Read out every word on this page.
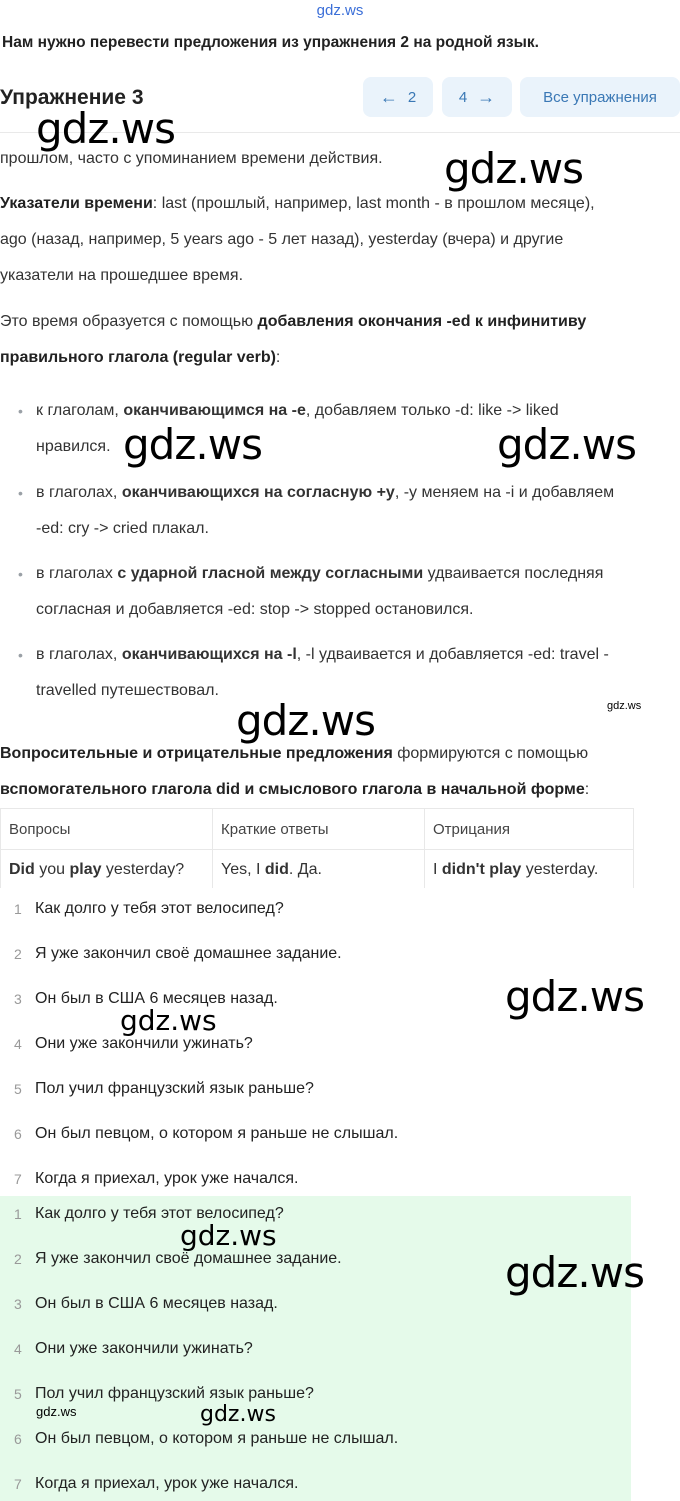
gdz.ws
Нам нужно перевести предложения из упражнения 2 на родной язык.
Упражнение 3	← 2	4 →	Все упражнения
прошлом, часто с упоминанием времени действия.
Указатели времени: last (прошлый, например, last month - в прошлом месяце),
ago (назад, например, 5 years ago - 5 лет назад), yesterday (вчера) и другие
указатели на прошедшее время.
Это время образуется с помощью добавления окончания -ed к инфинитиву
правильного глагола (regular verb):
• к глаголам, оканчивающимся на -е, добавляем только -d: like -> liked
нравился.
• в глаголах, оканчивающихся на согласную +у, -у меняем на -i и добавляем
-ed: cry -> cried плакал.
• в глаголах с ударной гласной между согласными удваивается последняя
согласная и добавляется -ed: stop -> stopped остановился.
• в глаголах, оканчивающихся на -l, -l удваивается и добавляется -ed: travel -
travelled путешествовал.
Вопросительные и отрицательные предложения формируются с помощью
вспомогательного глагола did и смыслового глагола в начальной форме:
Вопросы	Краткие ответы	Отрицания
Did you play yesterday?	Yes, I did. Да.	I didn't play yesterday.
1 Как долго у тебя этот велосипед?
2 Я уже закончил своё домашнее задание.
3 Он был в США 6 месяцев назад.
4 Они уже закончили ужинать?
5 Пол учил французский язык раньше?
6 Он был певцом, о котором я раньше не слышал.
7 Когда я приехал, урок уже начался.
1 Как долго у тебя этот велосипед?
2 Я уже закончил своё домашнее задание.
3 Он был в США 6 месяцев назад.
4 Они уже закончили ужинать?
5 Пол учил французский язык раньше?
6 Он был певцом, о котором я раньше не слышал.
7 Когда я приехал, урок уже начался.
gdz.ws
gdz.ws
gdz.ws	gdz.ws
gdz.ws
gdz.ws
gdz.ws
gdz.ws
gdz.ws
gdz.ws
gdz.ws	gdz.ws
